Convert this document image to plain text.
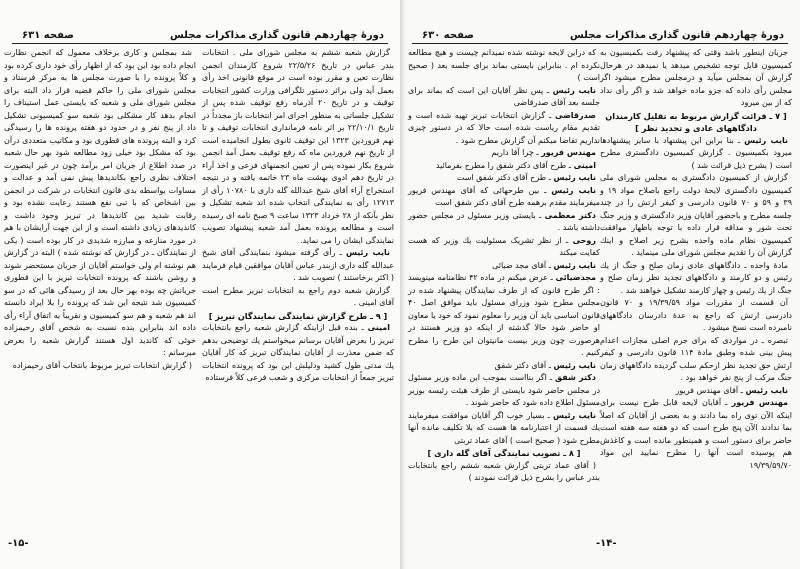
دورهٔ چهاردهم قانون گذاری
مذاکرات مجلس
صفحه ۶۳۱

گزارش شعبه ششم به مجلس شورای ملی . انتخابات بندر عباس در تاریخ ۲۲/۵/۲۶ شروع کارمندان انجمن نظارت تعین و مقرر بوده است در موقع قانونی اخذ رأی بعمل آید ولی براثر دستور تلگرافی وزارت کشور انتخابات توقیف و در تاریخ ۲۰ آذرماه رفع توقیف شده پس از تشکیل جلساتی به منظور اجرای امر انتخابات باز مجدداً در تاریخ ۲۲/۱۰/۱ بر اثر نامه فرمانداری انتخابات توقیف و تا نهم فروردین ۱۳۲۳ این توقیف ثانوی بطول انجامیده است از تاریخ نهم فروردین ماه که رفع توقیف بعمل آمد انجمن شروع بکار نموده پس از تعیین انجمنهای فرعی و اخذ آراء در تاریخ دهم ادوی بهشت ماه ۲۳ خاتمه یافته و در نتیجه استخراج آراء آقای شیخ عبدالله گله داری با ۱۰۷۸۰ رأی از ۱۲۷۱۳ رأی به نمایندگی انتخاب شده اند شعبه تشکیل و نظر بآنکه از ۲۸ خرداد ۱۳۲۳ ساعت ۹ صبح نامه ای رسیده است و مطالعه پرونده بعمل آمد شعبه پیشنهاد تصویب نمایندگی ایشان را می نماید.

نایب رئیس ـ رأی گرفته میشود بنمایندگی آقای شیخ عبدالله گله داری ازبندر عباس آقایان موافقین قیام فرمایند ( اکثر برخاستند ) تصویب شد .

گزارش شعبه دوم راجع به انتخابات تبریز مطرح است آقای امینی .

[ ۹ ـ طرح گزارش نمایندگی نمایندگان تبریز ]

امینی ـ بنده قبل ازاینکه گزارش شعبه راجع بانتخابات تبریز را بعرض آقایان برسانم میخواستم یك توضیحی بدهم که ضمن معذرت از آقایان نمایندگان تبریز که کار آقایان یك مدتی طول کشید ودلیلش این بود که پرونده انتخابات تبریز جمعاً از انتخابات مرکزی و شعب فرعی کلاً فرستاده

شد بمجلس و کاری برخلاف معمول که انجمن نظارت انجام داده بود این بود که از اظهار رأی خود داری کرده بود و کلاً پرونده را با صورت مجلس ها به مرکز فرستاد و مجلس شورای ملی را حاکم قضیه قرار داد البته برای مجلس شورای ملی و شعبه که بایستی عمل استیناف را انجام بدهد کار مشکلی بود شعبه سو کمیسیونی تشکیل داد از پنج نفر و در حدود دو هفته پرونده ها را رسیدگی کرد و البته پرونده های قطوری بود و مکاتیب متعددی درآن بود که مشکل بود خیلی زود مطالعه شود بهر حال شعبه در صدد اطلاع از جریان امر برآمد چون در غیر اینصورت اختلاف نظری راجع بکاندیدها پیش نمی آمد و عدالت و مساوات بواسطه بدی قانون انتخابات در شرکت در انجمن بین اشخاص که با تبی نفع هستند رعایت نشده بود و رقابت شدید بین کاندیدها در تبریز وجود داشت و کاندیدهای زیادی داشته است و از این جهت آرایشان با هم در مورد منازعه و مبارزه شدیدی در کار بوده است ( یکی از نمایندگان ـ در گزارش که نوشته شده ) البته در گزارش هم نوشته ام ولی خواستم آقایان از جریان مستحضر شوند و روشن باشند که پرونده انتخابات تبریز با این قطوری جریانش چه بوده بهر حال بعد از رسیدگی هائی که در سو کمیسیون شد نتیجه این شد که پرونده را بلا ایراد دانسته اند هم شعبه و هم سو کمیسیون و تقریباً به اتفاق آراء رأی داده اند بنابراین بنده نسبت به شخص آقای رحیمزاده خوئی که کاندید اول هستند گزارش شعبه را بعرض میرسانم :

( گزارش انتخابات تبریز مربوط بانتخاب آقای رحیمزاده

-۱۵-
دورهٔ چهاردهم قانون گذاری
مذاکرات مجلس
صفحه ۶۳۰

جریان اینطور باشد وقتی که پیشنهاد رفت بکمیسیون به کمیسیون قابل توجه تشخیص میدهد یا نمیدهد در هرحال گزارش آن بمجلس میآید و درمجلس مطرح میشود اگر مجلس رأی داده که جزو ماده خواهد شد و اگر رأی نداد که از بین میرود

[ ۷ ـ قرائت گزارش مربوط به تقلیل کارمندان دادگاههای عادی و تجدید نظر ]

نایب رئیس ـ بنا براین این پیشنهاد با سایر پیشنهادها میرود بکمیسیون . گزارش کمیسیون دادگستری مطرح است ( بشرح ذیل قرائت شد )

گزارش از کمیسیون دادگستری به مجلس شورای ملی کمیسیون دادگستری لایحهٔ دولت راجع باصلاح مواد ۱۹ و ۳۹ و ۵۹ و ۷۰ قانون دادرسی و کیفر ارتش را در چند جلسه مطرح و باحضور آقایان وزیر دادگستری و وزیر جنگ تحت شور و مداقه قرار داده با توجه باظهار موافقت کمیسیون نظام ماده واحده بشرح زیر اصلاح و اینك گزارش آن را تقدیم مجلس شورای ملی مینماید .

مادهٔ واحده ـ دادگاههای عادی زمان صلح و جنگ از یك رئیس و دو کارمند و دادگاههای تجدید نظر زمان صلح و جنگ از یك رئیس و چهار کارمند تشکیل خواهند شد .

آن قسمت از مقررات مواد ۱۹/۳۹/۵۹ و ۷۰ قانون دادرسی ارتش که راجع به عدهٔ دادرسان دادگاههای نامبرده است نسخ میشود .

تبصره ـ در مواردی که برای جرم اصلی مجازات اعدام پیش بینی شده وطبق مادهٔ ۱۱۴ قانون دادرسی و کیفر ارتش حق تجدید نظر ازحکم سلب گردیده دادگاههای زمان جنگ مرکب از پنج نفر خواهد بود .

نایب رئیس ـ آقای مهندس فریور

مهندس فریور ـ آقایان لایحه قابل طرح نیست برای اینکه الآن توی راه بما دادند و به بعضی از آقایان که اصلاً بما ندادند الآن پنج طرح است که دو هفته سه هفته است حاضر برای دستور است و همینطور مانده است و کاغذش هم پوسیده است آنها را مطرح نمایید این مواد ۱۹/۳۹/۵۹/۷۰

که دراین لایحه نوشته شده نمیدانم چیست و هیچ مطالعه نکرده ام . بنابراین بایستی بماند برای جلسه بعد ( صحیح است )

نایب رئیس ـ پس نظر آقایان این است که بماند برای جلسه بعد آقای صدرقاضی

صدرقاضی ـ گزارش انتخابات تبریز تهیه شده است و تقدیم مقام ریاست شده است حالا که در دستور چیزی نداریم تقاضا میکنم آن گزارش مطرح شود .

مهندس فریور ـ چرا آقا داریم

امینی ـ طرح آقای دکتر شفق را مطرح بفرمائید

نایب رئیس ـ طرح آقای دکتر شفق است

نایب رئیس ـ بین طرحهائی که آقای مهندس فریور میفرمایند مقدم برهمه طرح آقای دکتر شفق است

دکتر معظمی ـ بایستی وزیر مسئول در مجلس حضور داشته باشد .

روحی ـ از نظر تشریک مسئولیت یك وزیر که هست کفایت میکند

نایب رئیس ـ آقای مجد ضیائی

مجدضیائی ـ عرض میکنم در ماده ۴۲ نظامنامه مینویسد : اگر طرح قانون که از طرف نمایندگان پیشنهاد شده در مجلس مطرح شود وزرای مسئول باید موافق اصل ۴۰ قانون اساسی باید آن وزیر را معلوم نمود که خود یا معاون او حاضر شود حالا گذشته از اینکه دو وزیر هستند در هرصورت چون وزیر بیست مانیتوان این طرح را مطرح کنیم .

نایب رئیس ـ آقای دکتر شفق

دکتر شفق ـ اگر بنااست بموجب این ماده وزیر مسئول در مجلس حاضر شود بایستی از طرف هیئت رئیسه بوزیر مسئول اطلاع داده شود که حاضر شوند .

نایب رئیس ـ بسیار خوب اگر آقایان موافقت میفرمایند یك قسمت از اعتبارنامه ها هست که بلا تکلیف مانده آنها مطرح شود ( صحیح است ) آقای عماد تربتی

[ ۸ ـ تصویب نمایندگی آقای گله داری ]

( آقای عماد تربتی گزارش شعبه ششم راجع بانتخابات بندر عباس را بشرح ذیل قرائت نمودند )

-۱۴-
